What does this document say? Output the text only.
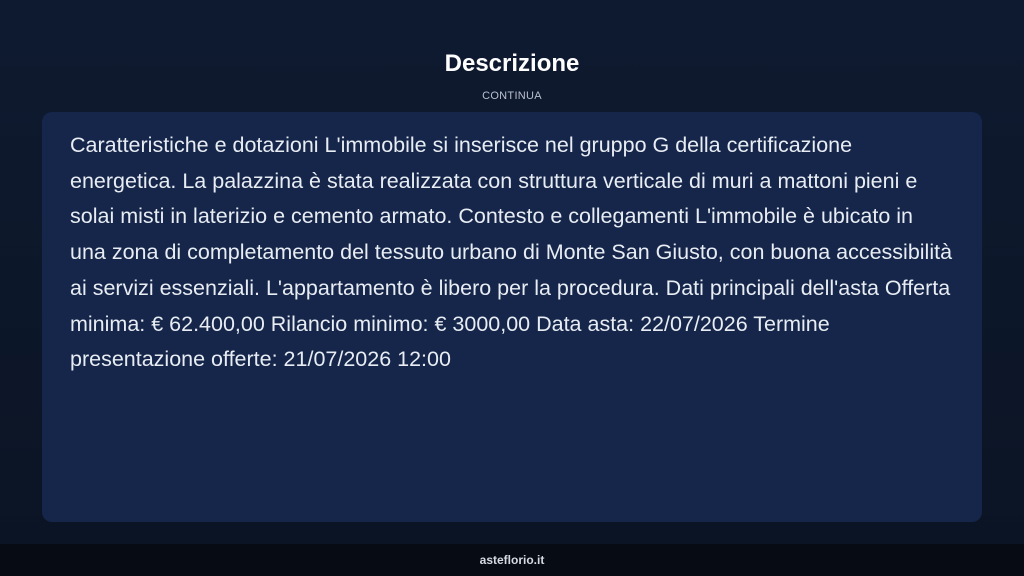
Descrizione
CONTINUA

Caratteristiche e dotazioni L'immobile si inserisce nel gruppo G della certificazione energetica. La palazzina è stata realizzata con struttura verticale di muri a mattoni pieni e solai misti in laterizio e cemento armato. Contesto e collegamenti L'immobile è ubicato in una zona di completamento del tessuto urbano di Monte San Giusto, con buona accessibilità ai servizi essenziali. L'appartamento è libero per la procedura. Dati principali dell'asta Offerta minima: € 62.400,00 Rilancio minimo: € 3000,00 Data asta: 22/07/2026 Termine presentazione offerte: 21/07/2026 12:00

asteflorio.it
